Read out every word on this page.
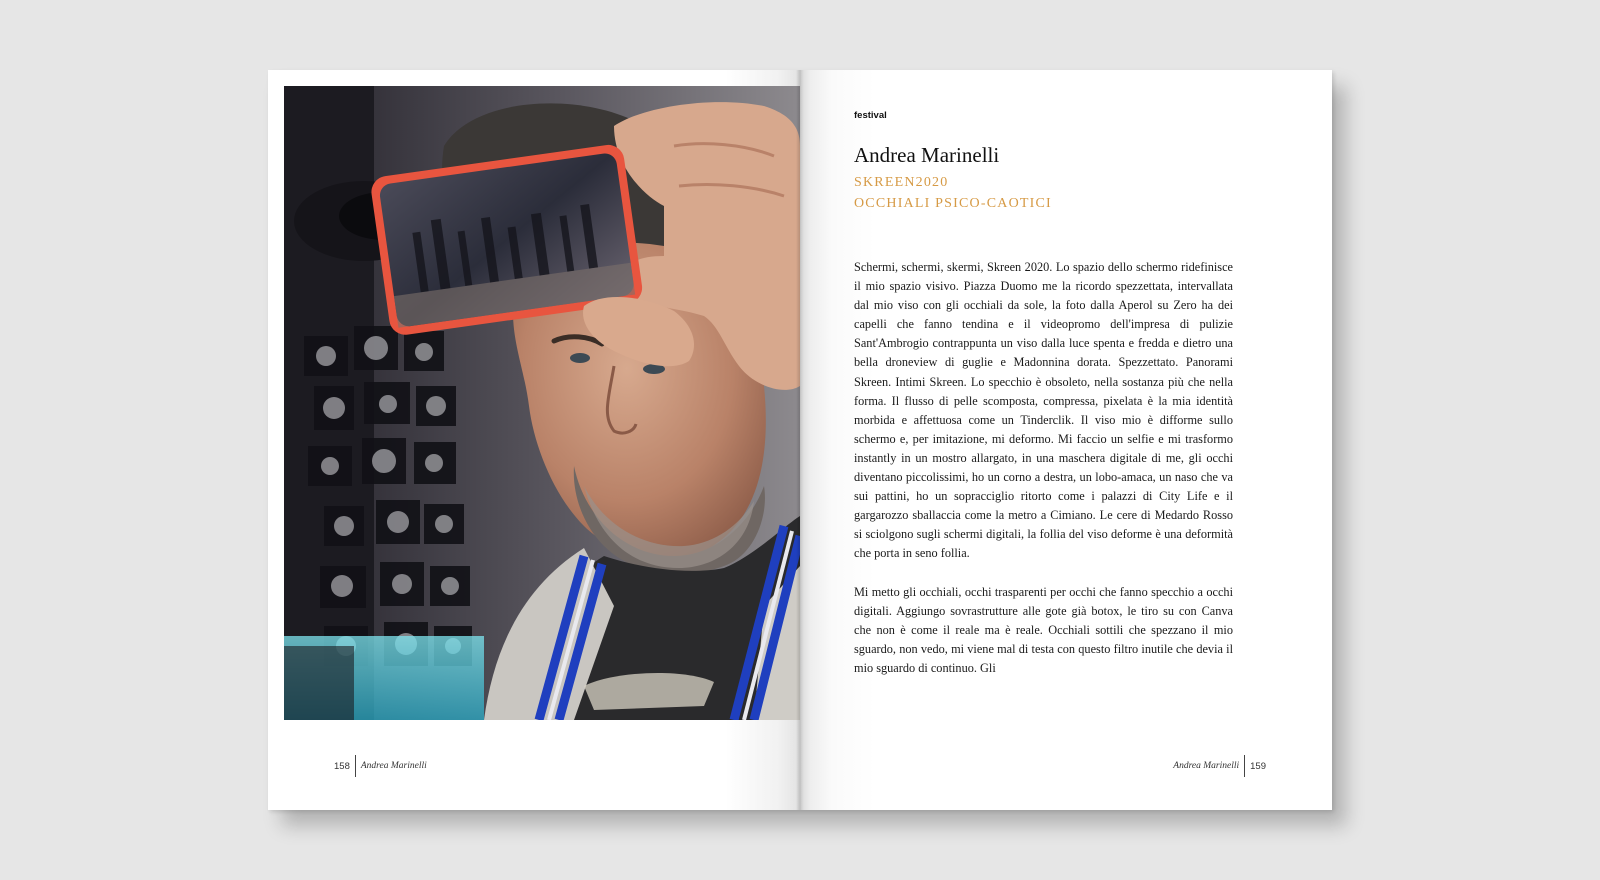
158 Andrea Marinelli	Andrea Marinelli 159

festival

Andrea Marinelli
SKREEN2020
OCCHIALI PSICO-CAOTICI

Schermi, schermi, skermi, Skreen 2020. Lo spazio dello schermo ridefinisce il mio spazio visivo. Piazza Duomo me la ricordo spezzettata, intervallata dal mio viso con gli occhiali da sole, la foto dalla Aperol su Zero ha dei capelli che fanno tendina e il videopromo dell'impresa di pulizie Sant'Ambrogio contrappunta un viso dalla luce spenta e fredda e dietro una bella droneview di guglie e Madonnina dorata. Spezzettato. Panorami Skreen. Intimi Skreen. Lo specchio è obsoleto, nella sostanza più che nella forma. Il flusso di pelle scomposta, compressa, pixelata è la mia identità morbida e affettuosa come un Tinderclik. Il viso mio è difforme sullo schermo e, per imitazione, mi deformo. Mi faccio un selfie e mi trasformo instantly in un mostro allargato, in una maschera digitale di me, gli occhi diventano piccolissimi, ho un corno a destra, un lobo-amaca, un naso che va sui pattini, ho un sopracciglio ritorto come i palazzi di City Life e il gargarozzo sballaccia come la metro a Cimiano. Le cere di Medardo Rosso si sciolgono sugli schermi digitali, la follia del viso deforme è una deformità che porta in seno follia.

Mi metto gli occhiali, occhi trasparenti per occhi che fanno specchio a occhi digitali. Aggiungo sovrastrutture alle gote già botox, le tiro su con Canva che non è come il reale ma è reale. Occhiali sottili che spezzano il mio sguardo, non vedo, mi viene mal di testa con questo filtro inutile che devia il mio sguardo di continuo. Gli
